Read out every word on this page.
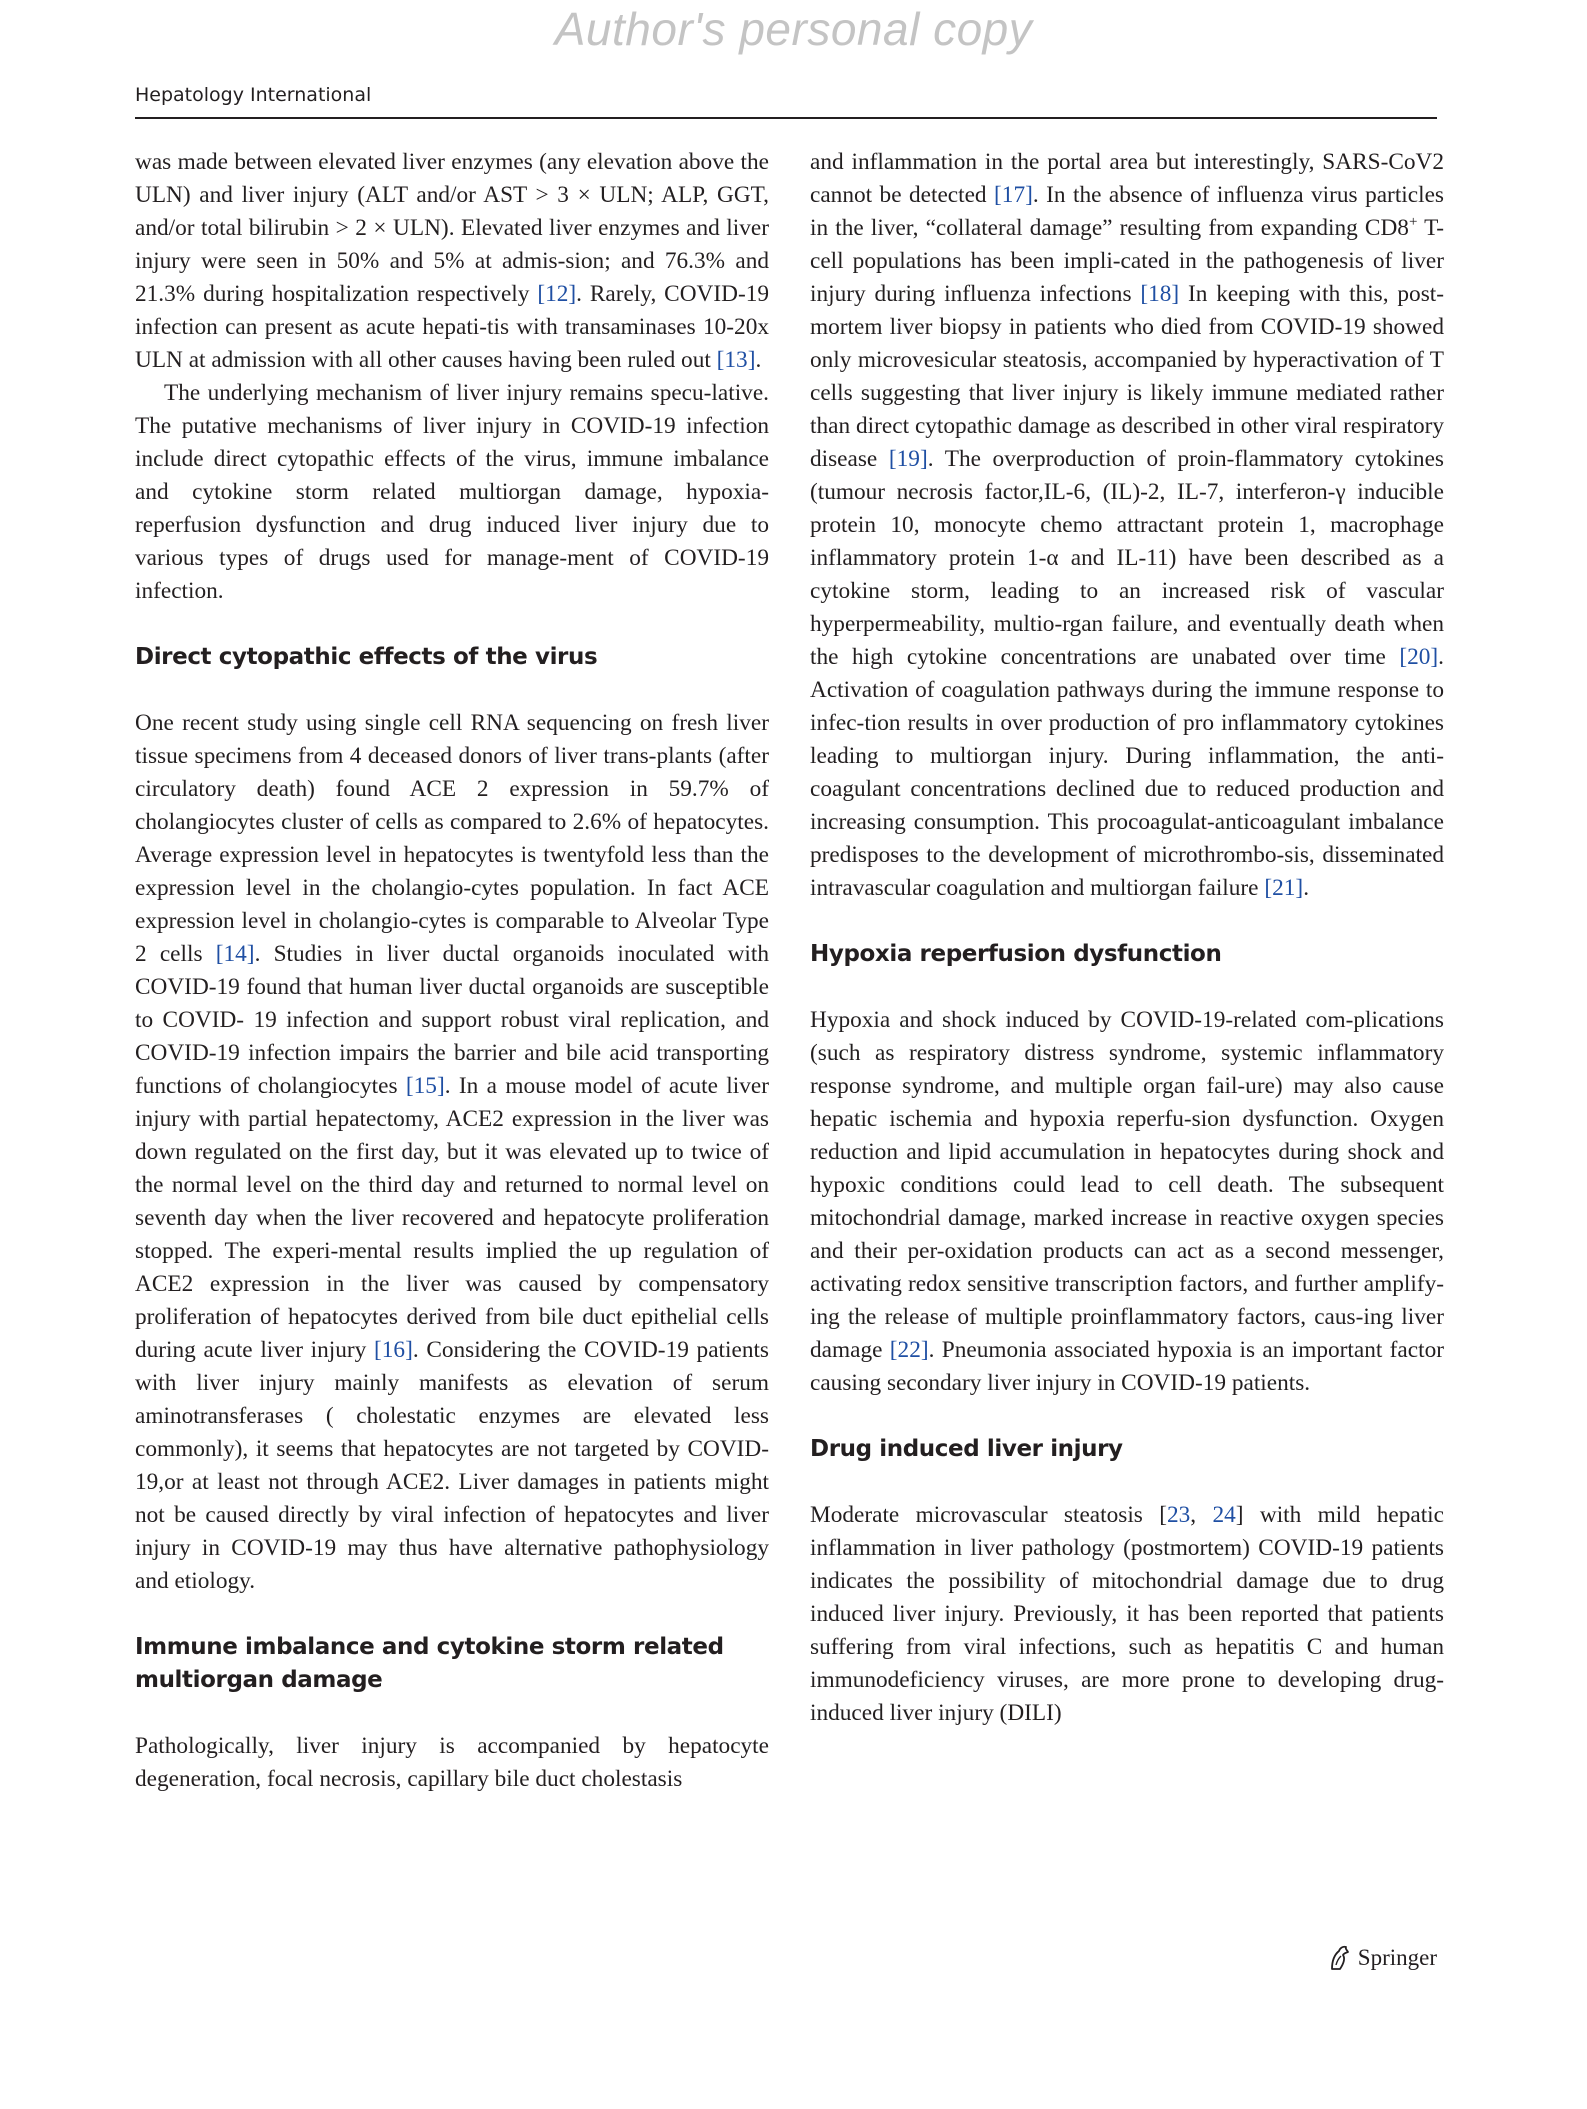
Author's personal copy
Hepatology International

was made between elevated liver enzymes (any elevation above the ULN) and liver injury (ALT and/or AST > 3 × ULN; ALP, GGT, and/or total bilirubin > 2 × ULN). Elevated liver enzymes and liver injury were seen in 50% and 5% at admis-sion; and 76.3% and 21.3% during hospitalization respectively [12]. Rarely, COVID-19 infection can present as acute hepati-tis with transaminases 10-20x ULN at admission with all other causes having been ruled out [13].

The underlying mechanism of liver injury remains specu-lative. The putative mechanisms of liver injury in COVID-19 infection include direct cytopathic effects of the virus, immune imbalance and cytokine storm related multiorgan damage, hypoxia-reperfusion dysfunction and drug induced liver injury due to various types of drugs used for manage-ment of COVID-19 infection.

Direct cytopathic effects of the virus

One recent study using single cell RNA sequencing on fresh liver tissue specimens from 4 deceased donors of liver trans-plants (after circulatory death) found ACE 2 expression in 59.7% of cholangiocytes cluster of cells as compared to 2.6% of hepatocytes. Average expression level in hepatocytes is twentyfold less than the expression level in the cholangio-cytes population. In fact ACE expression level in cholangio-cytes is comparable to Alveolar Type 2 cells [14]. Studies in liver ductal organoids inoculated with COVID-19 found that human liver ductal organoids are susceptible to COVID- 19 infection and support robust viral replication, and COVID-19 infection impairs the barrier and bile acid transporting functions of cholangiocytes [15]. In a mouse model of acute liver injury with partial hepatectomy, ACE2 expression in the liver was down regulated on the first day, but it was elevated up to twice of the normal level on the third day and returned to normal level on seventh day when the liver recovered and hepatocyte proliferation stopped. The experi-mental results implied the up regulation of ACE2 expression in the liver was caused by compensatory proliferation of hepatocytes derived from bile duct epithelial cells during acute liver injury [16]. Considering the COVID-19 patients with liver injury mainly manifests as elevation of serum aminotransferases ( cholestatic enzymes are elevated less commonly), it seems that hepatocytes are not targeted by COVID-19,or at least not through ACE2. Liver damages in patients might not be caused directly by viral infection of hepatocytes and liver injury in COVID-19 may thus have alternative pathophysiology and etiology.

Immune imbalance and cytokine storm related multiorgan damage

Pathologically, liver injury is accompanied by hepatocyte degeneration, focal necrosis, capillary bile duct cholestasis

and inflammation in the portal area but interestingly, SARS-CoV2 cannot be detected [17]. In the absence of influenza virus particles in the liver, “collateral damage” resulting from expanding CD8+ T-cell populations has been impli-cated in the pathogenesis of liver injury during influenza infections [18] In keeping with this, post-mortem liver biopsy in patients who died from COVID-19 showed only microvesicular steatosis, accompanied by hyperactivation of T cells suggesting that liver injury is likely immune mediated rather than direct cytopathic damage as described in other viral respiratory disease [19]. The overproduction of proin-flammatory cytokines (tumour necrosis factor,IL-6, (IL)-2, IL-7, interferon-γ inducible protein 10, monocyte chemo attractant protein 1, macrophage inflammatory protein 1-α and IL-11) have been described as a cytokine storm, leading to an increased risk of vascular hyperpermeability, multio-rgan failure, and eventually death when the high cytokine concentrations are unabated over time [20]. Activation of coagulation pathways during the immune response to infec-tion results in over production of pro inflammatory cytokines leading to multiorgan injury. During inflammation, the anti-coagulant concentrations declined due to reduced production and increasing consumption. This procoagulat-anticoagulant imbalance predisposes to the development of microthrombo-sis, disseminated intravascular coagulation and multiorgan failure [21].

Hypoxia reperfusion dysfunction

Hypoxia and shock induced by COVID-19-related com-plications (such as respiratory distress syndrome, systemic inflammatory response syndrome, and multiple organ fail-ure) may also cause hepatic ischemia and hypoxia reperfu-sion dysfunction. Oxygen reduction and lipid accumulation in hepatocytes during shock and hypoxic conditions could lead to cell death. The subsequent mitochondrial damage, marked increase in reactive oxygen species and their per-oxidation products can act as a second messenger, activating redox sensitive transcription factors, and further amplify-ing the release of multiple proinflammatory factors, caus-ing liver damage [22]. Pneumonia associated hypoxia is an important factor causing secondary liver injury in COVID-19 patients.

Drug induced liver injury

Moderate microvascular steatosis [23, 24] with mild hepatic inflammation in liver pathology (postmortem) COVID-19 patients indicates the possibility of mitochondrial damage due to drug induced liver injury. Previously, it has been reported that patients suffering from viral infections, such as hepatitis C and human immunodeficiency viruses, are more prone to developing drug-induced liver injury (DILI)

Springer
